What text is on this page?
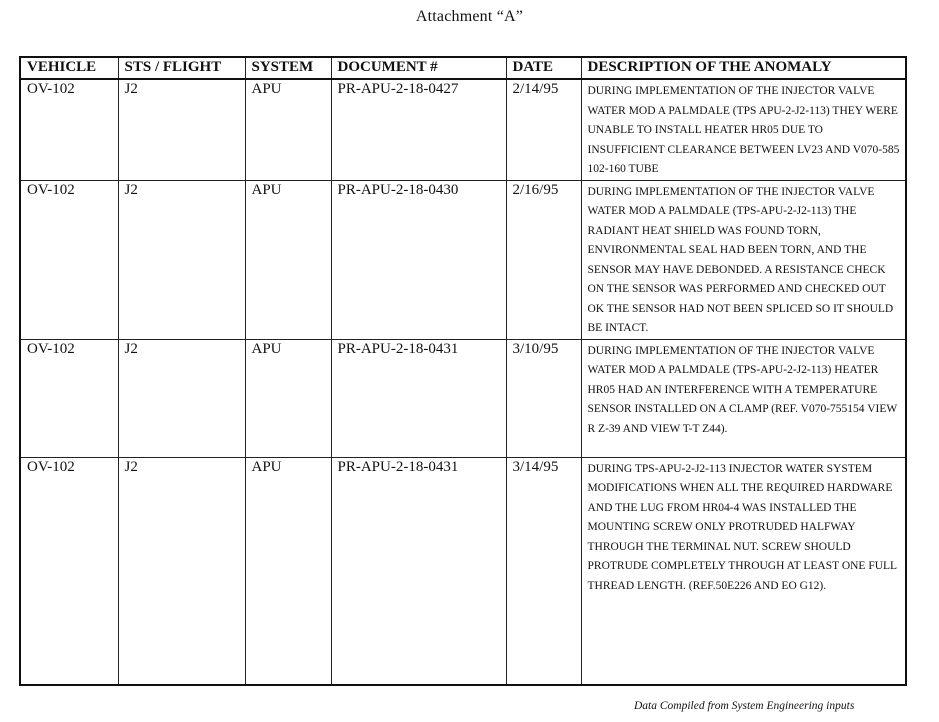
Attachment “A”
VEHICLE	STS / FLIGHT	SYSTEM	DOCUMENT #	DATE	DESCRIPTION OF THE ANOMALY
OV-102	J2	APU	PR-APU-2-18-0427	2/14/95	DURING IMPLEMENTATION OF THE INJECTOR VALVE WATER MOD A PALMDALE (TPS APU-2-J2-113) THEY WERE UNABLE TO INSTALL HEATER HR05 DUE TO INSUFFICIENT CLEARANCE BETWEEN LV23 AND V070-585 102-160 TUBE
OV-102	J2	APU	PR-APU-2-18-0430	2/16/95	DURING IMPLEMENTATION OF THE INJECTOR VALVE WATER MOD A PALMDALE (TPS-APU-2-J2-113) THE RADIANT HEAT SHIELD WAS FOUND TORN, ENVIRONMENTAL SEAL HAD BEEN TORN, AND THE SENSOR MAY HAVE DEBONDED. A RESISTANCE CHECK ON THE SENSOR WAS PERFORMED AND CHECKED OUT OK THE SENSOR HAD NOT BEEN SPLICED SO IT SHOULD BE INTACT.
OV-102	J2	APU	PR-APU-2-18-0431	3/10/95	DURING IMPLEMENTATION OF THE INJECTOR VALVE WATER MOD A PALMDALE (TPS-APU-2-J2-113) HEATER HR05 HAD AN INTERFERENCE WITH A TEMPERATURE SENSOR INSTALLED ON A CLAMP (REF. V070-755154 VIEW R Z-39 AND VIEW T-T Z44).
OV-102	J2	APU	PR-APU-2-18-0431	3/14/95	DURING TPS-APU-2-J2-113 INJECTOR WATER SYSTEM MODIFICATIONS WHEN ALL THE REQUIRED HARDWARE AND THE LUG FROM HR04-4 WAS INSTALLED THE MOUNTING SCREW ONLY PROTRUDED HALFWAY THROUGH THE TERMINAL NUT. SCREW SHOULD PROTRUDE COMPLETELY THROUGH AT LEAST ONE FULL THREAD LENGTH. (REF.50E226 AND EO G12).
Data Compiled from System Engineering inputs
